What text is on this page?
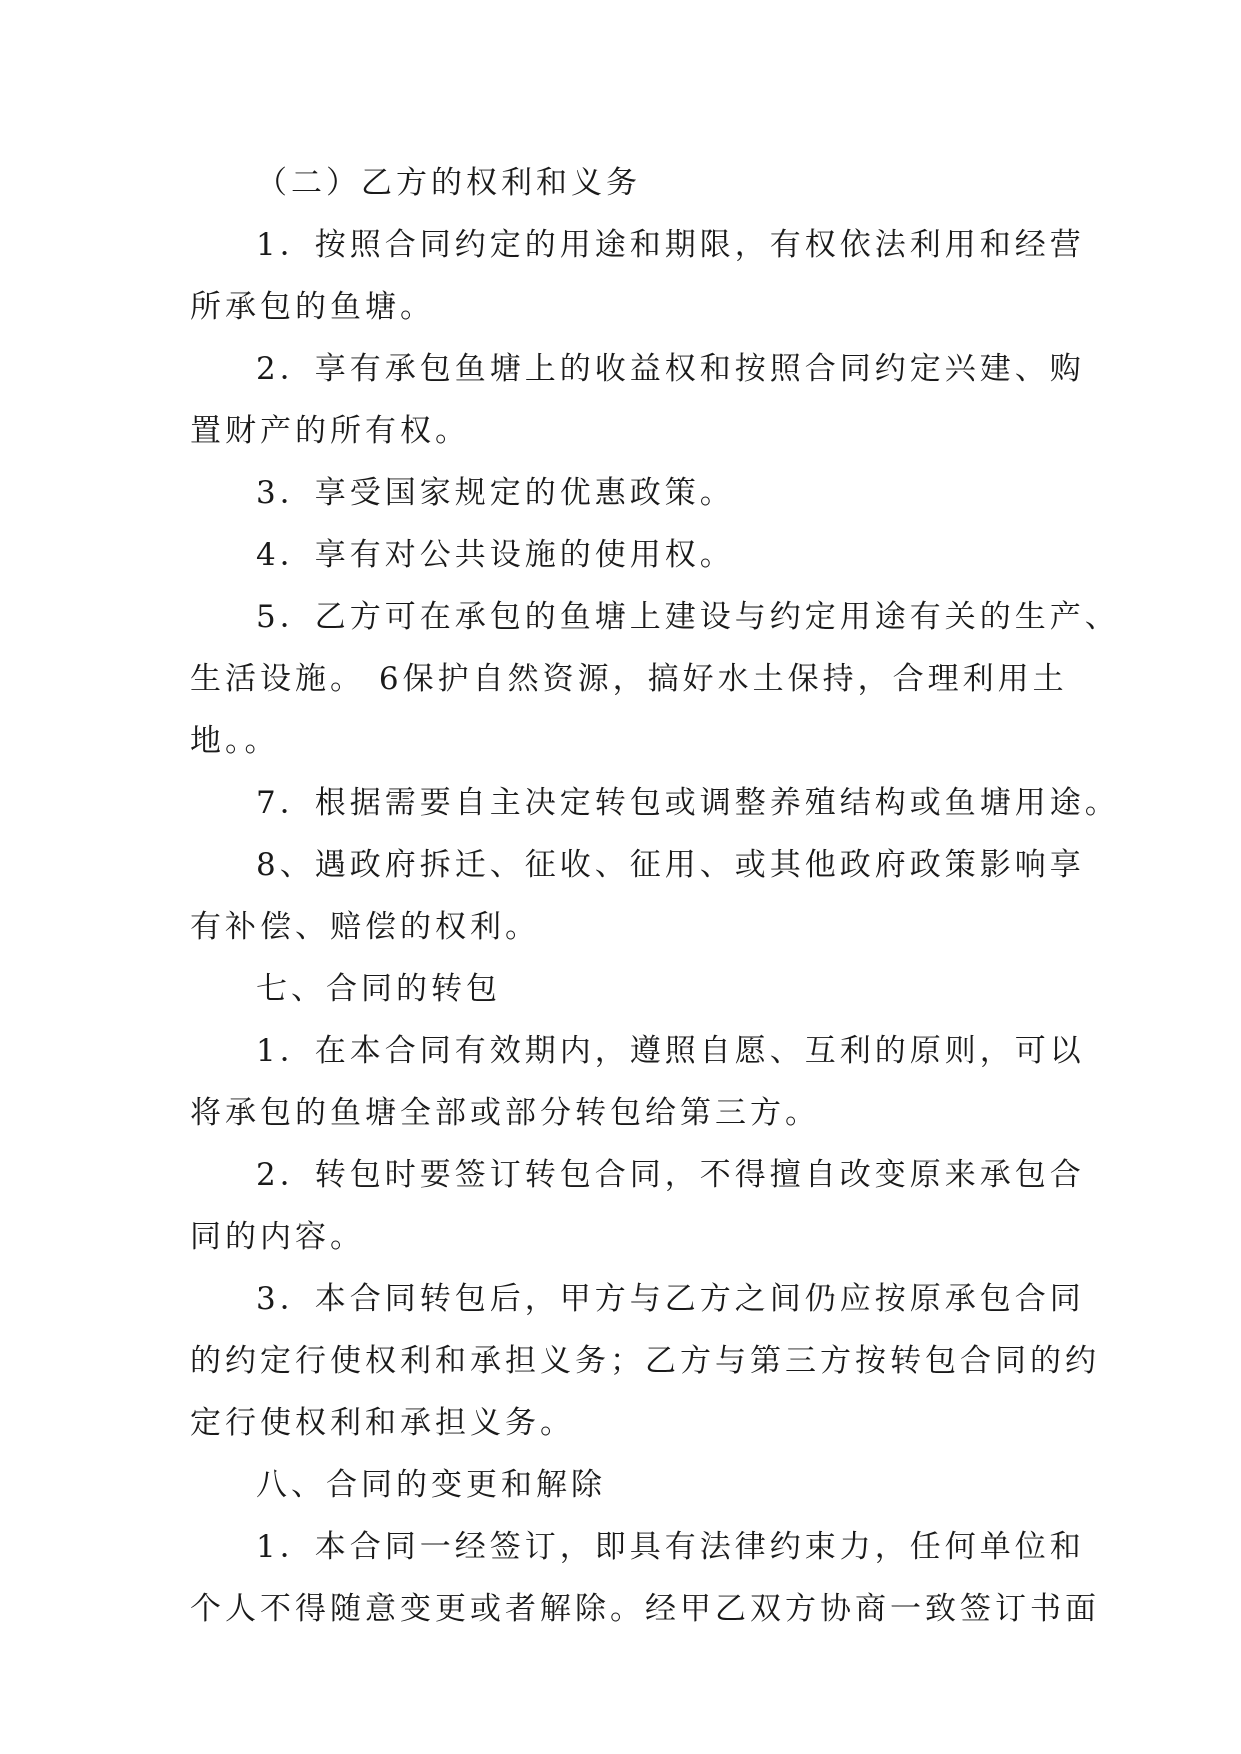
（二）乙方的权利和义务

1．按照合同约定的用途和期限，有权依法利用和经营

所承包的鱼塘。

2．享有承包鱼塘上的收益权和按照合同约定兴建、购

置财产的所有权。

3．享受国家规定的优惠政策。

4．享有对公共设施的使用权。

5．乙方可在承包的鱼塘上建设与约定用途有关的生产、

生活设施。 6保护自然资源，搞好水土保持，合理利用土

地。。

7．根据需要自主决定转包或调整养殖结构或鱼塘用途。

8、遇政府拆迁、征收、征用、或其他政府政策影响享

有补偿、赔偿的权利。

七、合同的转包

1．在本合同有效期内，遵照自愿、互利的原则，可以

将承包的鱼塘全部或部分转包给第三方。

2．转包时要签订转包合同，不得擅自改变原来承包合

同的内容。

3．本合同转包后，甲方与乙方之间仍应按原承包合同

的约定行使权利和承担义务；乙方与第三方按转包合同的约

定行使权利和承担义务。

八、合同的变更和解除

1．本合同一经签订，即具有法律约束力，任何单位和

个人不得随意变更或者解除。经甲乙双方协商一致签订书面
